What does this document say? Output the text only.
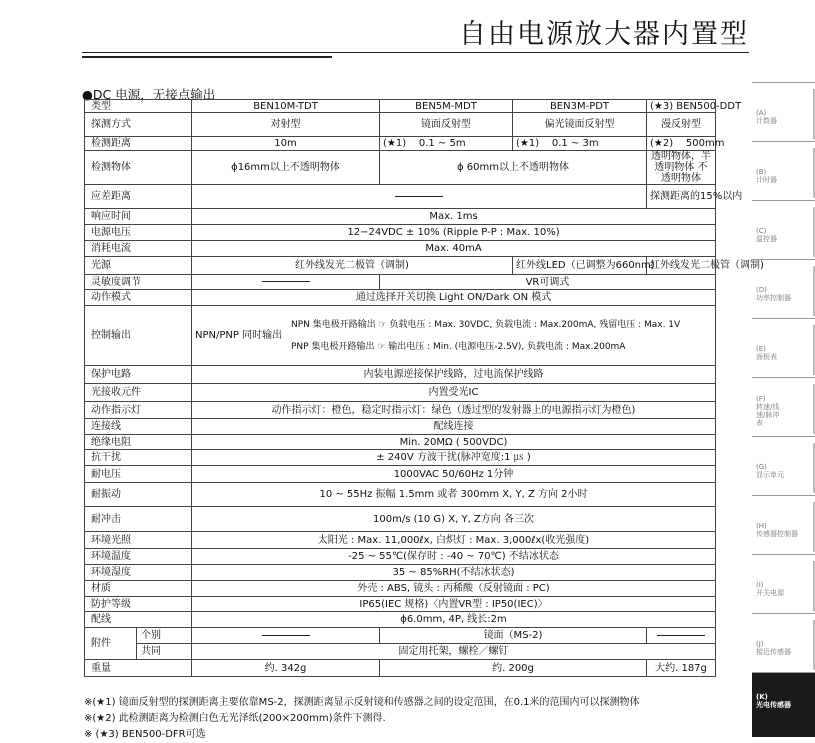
自由电源放大器内置型
●DC 电源，无接点输出
类型		BEN10M-TDT	BEN5M-MDT	BEN3M-PDT	(★3) BEN500-DDT
探测方式		对射型	镜面反射型	偏光镜面反射型	漫反射型
检测距离		10m	(★1) 0.1 ~ 5m	(★1) 0.1 ~ 3m	(★2) 500mm
检测物体		ϕ16mm以上不透明物体	ϕ 60mm以上不透明物体		透明物体，半透明物体 不透明物体
应差距离					探测距离的15%以内
响应时间		Max. 1ms			
电源电压		12−24VDC ± 10% (Ripple P-P : Max. 10%)			
消耗电流		Max. 40mA			
光源		红外线发光二极管（调制)		红外线LED（已调整为660nm)	红外线发光二极管（调制)
灵敏度调节			VR可调式		
动作模式		通过选择开关切换 Light ON/Dark ON 模式			
控制输出		NPN/PNP 同时输出
NPN 集电极开路输出 ☞ 负载电压 : Max. 30VDC, 负载电流 : Max.200mA, 残留电压 : Max. 1V
PNP 集电极开路输出 ☞ 输出电压 : Min. (电源电压-2.5V), 负载电流 : Max.200mA			

保护电路		内装电源逆接保护线路，过电流保护线路			
光接收元件		内置受光IC			
动作指示灯		动作指示灯：橙色，稳定时指示灯：绿色（透过型的发射器上的电源指示灯为橙色)			
连接线		配线连接			
绝缘电阻		Min. 20MΩ ( 500VDC)			
抗干扰		± 240V 方波干扰(脉冲宽度:1 ㎲ )			
耐电压		1000VAC 50/60Hz 1分钟			
耐振动		10 ~ 55Hz 振幅 1.5mm 或者 300mm X, Y, Z 方向 2小时			
耐冲击		100m/s (10 G) X, Y, Z方向 各三次			
环境光照		太阳光 : Max. 11,000ℓx, 白炽灯 : Max. 3,000ℓx(收光强度)			
环境温度		-25 ~ 55℃(保存时 : -40 ~ 70℃) 不结冰状态			
环境湿度		35 ~ 85%RH(不结冰状态)			
材质		外壳 : ABS, 镜头 : 丙稀酸（反射镜面 : PC)			
防护等级		IP65(IEC 规格)〈内置VR型 : IP50(IEC)〉			
配线		ϕ6.0mm, 4P, 线长:2m			
附件	个别		镜面（MS-2)		
	共同	固定用托架，螺栓／螺钉			
重量		约. 342g	约. 200g		大约. 187g
※(★1) 镜面反射型的探测距离主要依靠MS-2，探测距离显示反射镜和传感器之间的设定范围，在0.1米的范围内可以探测物体
※(★2) 此检测距离为检测白色无光泽纸(200×200mm)条件下测得.
※ (★3) BEN500-DFR可选
(A)
计数器
(B)
计时器
(C)
温控器
(D)
功率控制器
(E)
面板表
(F)
转速/线速/脉冲表
(G)
显示单元
(H)
传感器控制器
(I)
开关电源
(J)
接近传感器
(K)
光电传感器
